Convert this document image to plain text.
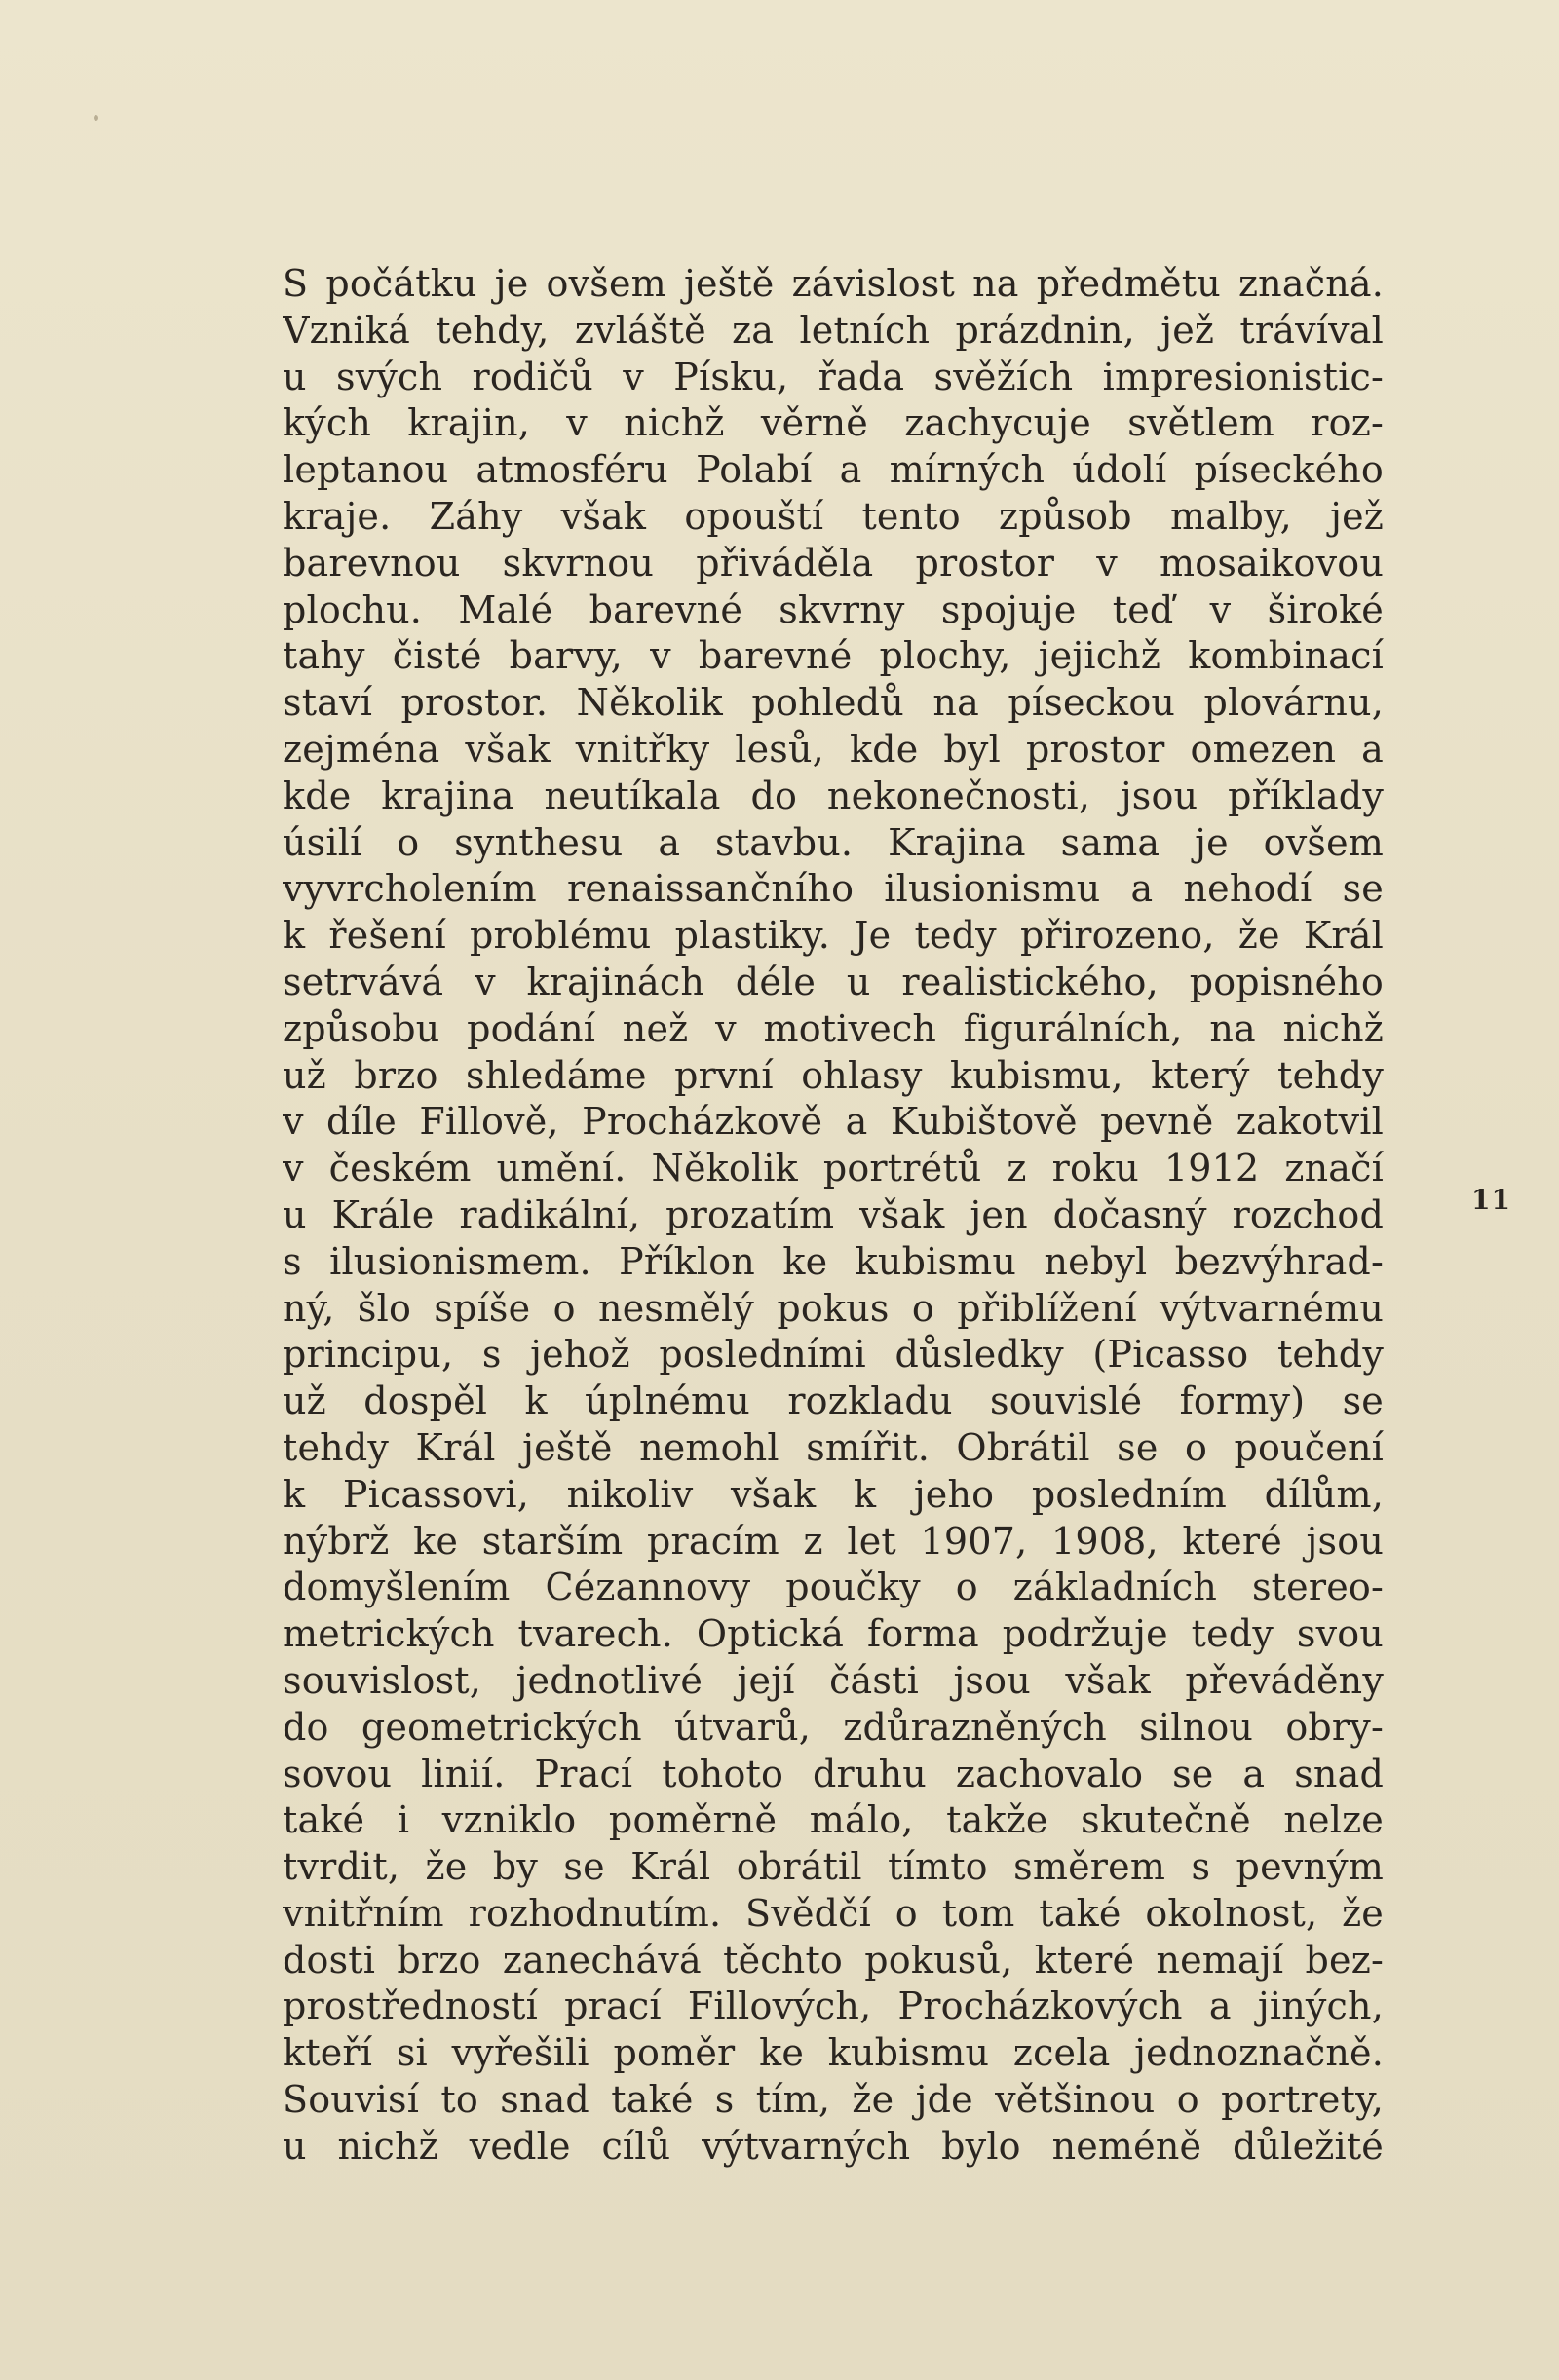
S počátku je ovšem ještě závislost na předmětu značná.
Vzniká tehdy, zvláště za letních prázdnin, jež trávíval
u svých rodičů v Písku, řada svěžích impresionistic-
kých krajin, v nichž věrně zachycuje světlem roz-
leptanou atmosféru Polabí a mírných údolí píseckého
kraje. Záhy však opouští tento způsob malby, jež
barevnou skvrnou přiváděla prostor v mosaikovou
plochu. Malé barevné skvrny spojuje teď v široké
tahy čisté barvy, v barevné plochy, jejichž kombinací
staví prostor. Několik pohledů na píseckou plovárnu,
zejména však vnitřky lesů, kde byl prostor omezen a
kde krajina neutíkala do nekonečnosti, jsou příklady
úsilí o synthesu a stavbu. Krajina sama je ovšem
vyvrcholením renaissančního ilusionismu a nehodí se
k řešení problému plastiky. Je tedy přirozeno, že Král
setrvává v krajinách déle u realistického, popisného
způsobu podání než v motivech figurálních, na nichž
už brzo shledáme první ohlasy kubismu, který tehdy
v díle Fillově, Procházkově a Kubištově pevně zakotvil
v českém umění. Několik portrétů z roku 1912 značí
u Krále radikální, prozatím však jen dočasný rozchod
s ilusionismem. Příklon ke kubismu nebyl bezvýhrad-
ný, šlo spíše o nesmělý pokus o přiblížení výtvarnému
principu, s jehož posledními důsledky (Picasso tehdy
už dospěl k úplnému rozkladu souvislé formy) se
tehdy Král ještě nemohl smířit. Obrátil se o poučení
k Picassovi, nikoliv však k jeho posledním dílům,
nýbrž ke starším pracím z let 1907, 1908, které jsou
domyšlením Cézannovy poučky o základních stereo-
metrických tvarech. Optická forma podržuje tedy svou
souvislost, jednotlivé její části jsou však převáděny
do geometrických útvarů, zdůrazněných silnou obry-
sovou linií. Prací tohoto druhu zachovalo se a snad
také i vzniklo poměrně málo, takže skutečně nelze
tvrdit, že by se Král obrátil tímto směrem s pevným
vnitřním rozhodnutím. Svědčí o tom také okolnost, že
dosti brzo zanechává těchto pokusů, které nemají bez-
prostředností prací Fillových, Procházkových a jiných,
kteří si vyřešili poměr ke kubismu zcela jednoznačně.
Souvisí to snad také s tím, že jde většinou o portrety,
u nichž vedle cílů výtvarných bylo neméně důležité
11
